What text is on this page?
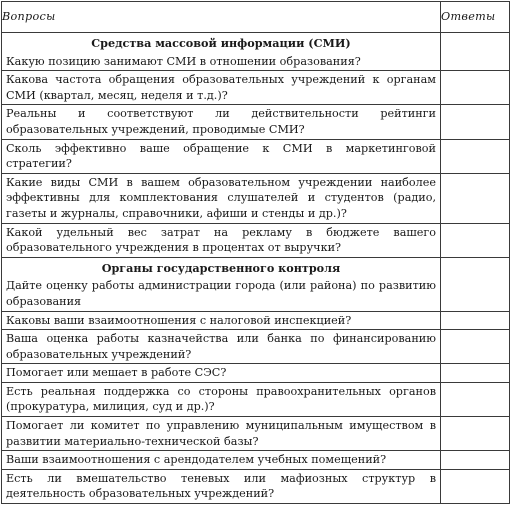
Вопросы	Ответы
Средства массовой информации (СМИ)	
Какую позицию занимают СМИ в отношении образования?	
Какова частота обращения образовательных учреждений к органам СМИ (квартал, месяц, неделя и т.д.)?	
Реальны и соответствуют ли действительности рейтинги образовательных учреждений, проводимые СМИ?	
Сколь эффективно ваше обращение к СМИ в маркетинговой стратегии?	
Какие виды СМИ в вашем образовательном учреждении наиболее эффективны для комплектования слушателей и студентов (радио, газеты и журналы, справочники, афиши и стенды и др.)?	
Какой удельный вес затрат на рекламу в бюджете вашего образовательного учреждения в процентах от выручки?	
Органы государственного контроля	
Дайте оценку работы администрации города (или района) по развитию образования	
Каковы ваши взаимоотношения с налоговой инспекцией?	
Ваша оценка работы казначейства или банка по финансированию образовательных учреждений?	
Помогает или мешает в работе СЭС?	
Есть реальная поддержка со стороны правоохранительных органов (прокуратура, милиция, суд и др.)?	
Помогает ли комитет по управлению муниципальным имуществом в развитии материально-технической базы?	
Ваши взаимоотношения с арендодателем учебных помещений?	
Есть ли вмешательство теневых или мафиозных структур в деятельность образовательных учреждений?	
